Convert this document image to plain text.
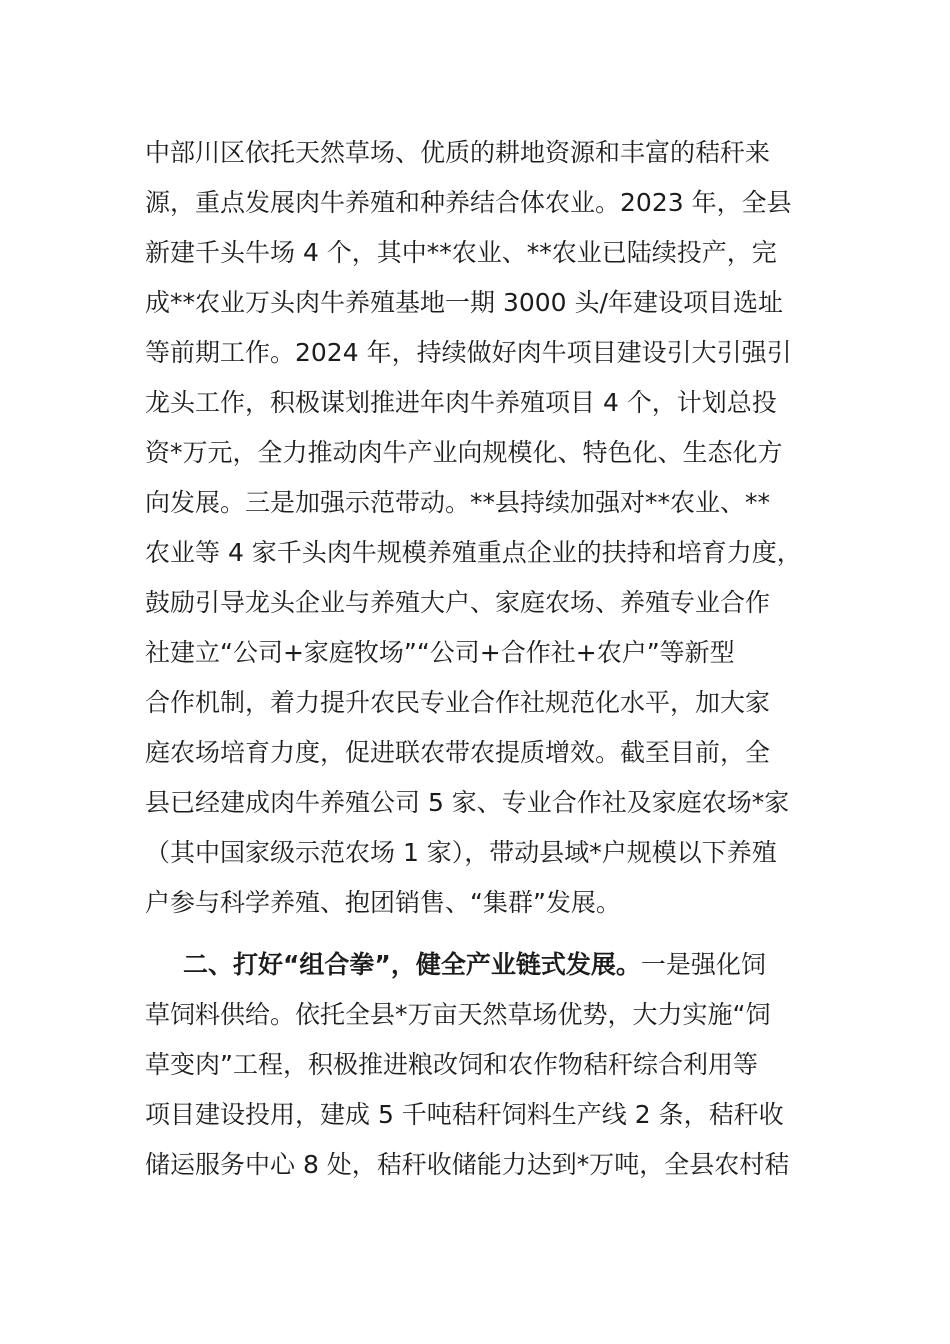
中部川区依托天然草场、优质的耕地资源和丰富的秸秆来
源，重点发展肉牛养殖和种养结合体农业。2023 年，全县
新建千头牛场 4 个，其中**农业、**农业已陆续投产，完
成**农业万头肉牛养殖基地一期 3000 头/年建设项目选址
等前期工作。2024 年，持续做好肉牛项目建设引大引强引
龙头工作，积极谋划推进年肉牛养殖项目 4 个，计划总投
资*万元，全力推动肉牛产业向规模化、特色化、生态化方
向发展。三是加强示范带动。**县持续加强对**农业、**
农业等 4 家千头肉牛规模养殖重点企业的扶持和培育力度，
鼓励引导龙头企业与养殖大户、家庭农场、养殖专业合作
社建立“公司+家庭牧场”“公司+合作社+农户”等新型
合作机制，着力提升农民专业合作社规范化水平，加大家
庭农场培育力度，促进联农带农提质增效。截至目前，全
县已经建成肉牛养殖公司 5 家、专业合作社及家庭农场*家
（其中国家级示范农场 1 家），带动县域*户规模以下养殖
户参与科学养殖、抱团销售、“集群”发展。
二、打好“组合拳”，健全产业链式发展。一是强化饲
草饲料供给。依托全县*万亩天然草场优势，大力实施“饲
草变肉”工程，积极推进粮改饲和农作物秸秆综合利用等
项目建设投用，建成 5 千吨秸秆饲料生产线 2 条，秸秆收
储运服务中心 8 处，秸秆收储能力达到*万吨，全县农村秸
